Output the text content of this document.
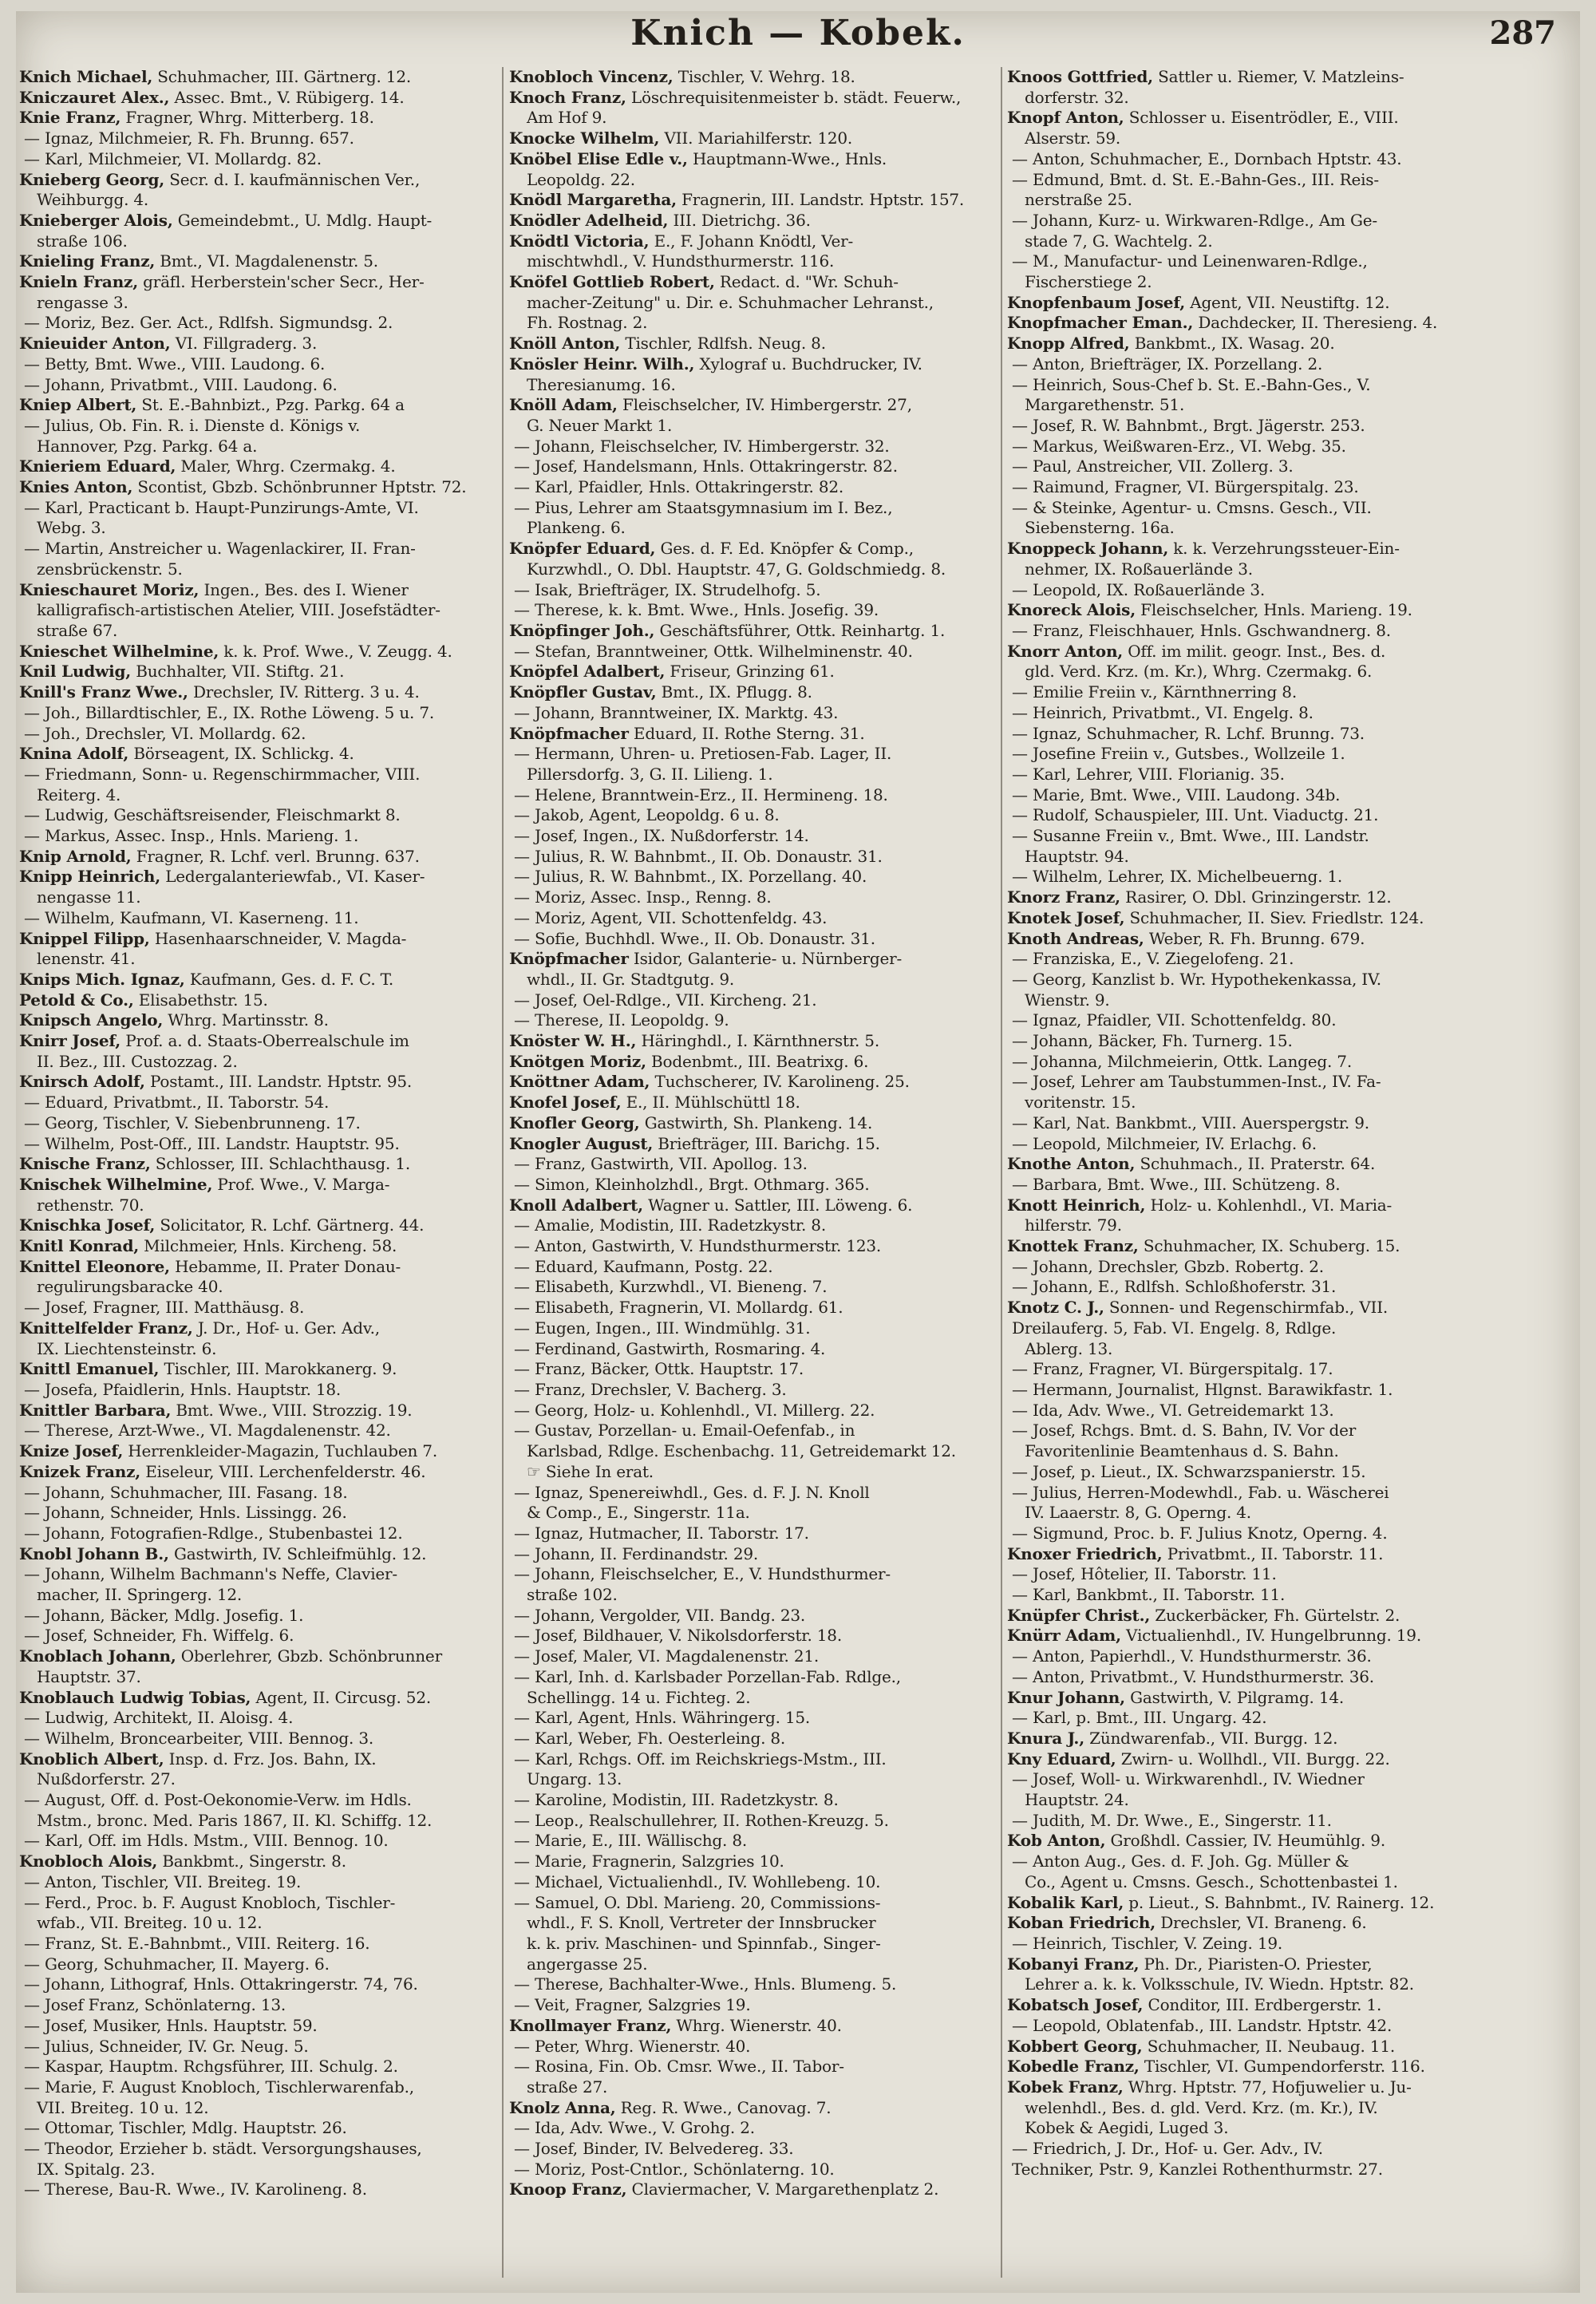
Knich — Kobek.	287
Knich Michael, Schuhmacher, III. Gärtnerg. 12.
Kniczauret Alex., Assec. Bmt., V. Rübigerg. 14.
Knie Franz, Fragner, Whrg. Mitterberg. 18.
— Ignaz, Milchmeier, R. Fh. Brunng. 657.
— Karl, Milchmeier, VI. Mollardg. 82.
Knieberg Georg, Secr. d. I. kaufmännischen Ver.,
Weihburgg. 4.
Knieberger Alois, Gemeindebmt., U. Mdlg. Haupt-
straße 106.
Knieling Franz, Bmt., VI. Magdalenenstr. 5.
Knieln Franz, gräfl. Herberstein'scher Secr., Her-
rengasse 3.
— Moriz, Bez. Ger. Act., Rdlfsh. Sigmundsg. 2.
Knieuider Anton, VI. Fillgraderg. 3.
— Betty, Bmt. Wwe., VIII. Laudong. 6.
— Johann, Privatbmt., VIII. Laudong. 6.
Kniep Albert, St. E.-Bahnbizt., Pzg. Parkg. 64 a
— Julius, Ob. Fin. R. i. Dienste d. Königs v.
Hannover, Pzg. Parkg. 64 a.
Knieriem Eduard, Maler, Whrg. Czermakg. 4.
Knies Anton, Scontist, Gbzb. Schönbrunner Hptstr. 72.
— Karl, Practicant b. Haupt-Punzirungs-Amte, VI.
Webg. 3.
— Martin, Anstreicher u. Wagenlackirer, II. Fran-
zensbrückenstr. 5.
Knieschauret Moriz, Ingen., Bes. des I. Wiener
kalligrafisch-artistischen Atelier, VIII. Josefstädter-
straße 67.
Knieschet Wilhelmine, k. k. Prof. Wwe., V. Zeugg. 4.
Knil Ludwig, Buchhalter, VII. Stiftg. 21.
Knill's Franz Wwe., Drechsler, IV. Ritterg. 3 u. 4.
— Joh., Billardtischler, E., IX. Rothe Löweng. 5 u. 7.
— Joh., Drechsler, VI. Mollardg. 62.
Knina Adolf, Börseagent, IX. Schlickg. 4.
— Friedmann, Sonn- u. Regenschirmmacher, VIII.
Reiterg. 4.
— Ludwig, Geschäftsreisender, Fleischmarkt 8.
— Markus, Assec. Insp., Hnls. Marieng. 1.
Knip Arnold, Fragner, R. Lchf. verl. Brunng. 637.
Knipp Heinrich, Ledergalanteriewfab., VI. Kaser-
nengasse 11.
— Wilhelm, Kaufmann, VI. Kaserneng. 11.
Knippel Filipp, Hasenhaarschneider, V. Magda-
lenenstr. 41.
Knips Mich. Ignaz, Kaufmann, Ges. d. F. C. T.
Petold & Co., Elisabethstr. 15.
Knipsch Angelo, Whrg. Martinsstr. 8.
Knirr Josef, Prof. a. d. Staats-Oberrealschule im
II. Bez., III. Custozzag. 2.
Knirsch Adolf, Postamt., III. Landstr. Hptstr. 95.
— Eduard, Privatbmt., II. Taborstr. 54.
— Georg, Tischler, V. Siebenbrunneng. 17.
— Wilhelm, Post-Off., III. Landstr. Hauptstr. 95.
Knische Franz, Schlosser, III. Schlachthausg. 1.
Knischek Wilhelmine, Prof. Wwe., V. Marga-
rethenstr. 70.
Knischka Josef, Solicitator, R. Lchf. Gärtnerg. 44.
Knitl Konrad, Milchmeier, Hnls. Kircheng. 58.
Knittel Eleonore, Hebamme, II. Prater Donau-
regulirungsbaracke 40.
— Josef, Fragner, III. Matthäusg. 8.
Knittelfelder Franz, J. Dr., Hof- u. Ger. Adv.,
IX. Liechtensteinstr. 6.
Knittl Emanuel, Tischler, III. Marokkanerg. 9.
— Josefa, Pfaidlerin, Hnls. Hauptstr. 18.
Knittler Barbara, Bmt. Wwe., VIII. Strozzig. 19.
— Therese, Arzt-Wwe., VI. Magdalenenstr. 42.
Knize Josef, Herrenkleider-Magazin, Tuchlauben 7.
Knizek Franz, Eiseleur, VIII. Lerchenfelderstr. 46.
— Johann, Schuhmacher, III. Fasang. 18.
— Johann, Schneider, Hnls. Lissingg. 26.
— Johann, Fotografien-Rdlge., Stubenbastei 12.
Knobl Johann B., Gastwirth, IV. Schleifmühlg. 12.
— Johann, Wilhelm Bachmann's Neffe, Clavier-
macher, II. Springerg. 12.
— Johann, Bäcker, Mdlg. Josefig. 1.
— Josef, Schneider, Fh. Wiffelg. 6.
Knoblach Johann, Oberlehrer, Gbzb. Schönbrunner
Hauptstr. 37.
Knoblauch Ludwig Tobias, Agent, II. Circusg. 52.
— Ludwig, Architekt, II. Aloisg. 4.
— Wilhelm, Broncearbeiter, VIII. Bennog. 3.
Knoblich Albert, Insp. d. Frz. Jos. Bahn, IX.
Nußdorferstr. 27.
— August, Off. d. Post-Oekonomie-Verw. im Hdls.
Mstm., bronc. Med. Paris 1867, II. Kl. Schiffg. 12.
— Karl, Off. im Hdls. Mstm., VIII. Bennog. 10.
Knobloch Alois, Bankbmt., Singerstr. 8.
— Anton, Tischler, VII. Breiteg. 19.
— Ferd., Proc. b. F. August Knobloch, Tischler-
wfab., VII. Breiteg. 10 u. 12.
— Franz, St. E.-Bahnbmt., VIII. Reiterg. 16.
— Georg, Schuhmacher, II. Mayerg. 6.
— Johann, Lithograf, Hnls. Ottakringerstr. 74, 76.
— Josef Franz, Schönlaterng. 13.
— Josef, Musiker, Hnls. Hauptstr. 59.
— Julius, Schneider, IV. Gr. Neug. 5.
— Kaspar, Hauptm. Rchgsführer, III. Schulg. 2.
— Marie, F. August Knobloch, Tischlerwarenfab.,
VII. Breiteg. 10 u. 12.
— Ottomar, Tischler, Mdlg. Hauptstr. 26.
— Theodor, Erzieher b. städt. Versorgungshauses,
IX. Spitalg. 23.
— Therese, Bau-R. Wwe., IV. Karolineng. 8.
Knobloch Vincenz, Tischler, V. Wehrg. 18.
Knoch Franz, Löschrequisitenmeister b. städt. Feuerw.,
Am Hof 9.
Knocke Wilhelm, VII. Mariahilferstr. 120.
Knöbel Elise Edle v., Hauptmann-Wwe., Hnls.
Leopoldg. 22.
Knödl Margaretha, Fragnerin, III. Landstr. Hptstr. 157.
Knödler Adelheid, III. Dietrichg. 36.
Knödtl Victoria, E., F. Johann Knödtl, Ver-
mischtwhdl., V. Hundsthurmerstr. 116.
Knöfel Gottlieb Robert, Redact. d. "Wr. Schuh-
macher-Zeitung" u. Dir. e. Schuhmacher Lehranst.,
Fh. Rostnag. 2.
Knöll Anton, Tischler, Rdlfsh. Neug. 8.
Knösler Heinr. Wilh., Xylograf u. Buchdrucker, IV.
Theresianumg. 16.
Knöll Adam, Fleischselcher, IV. Himbergerstr. 27,
G. Neuer Markt 1.
— Johann, Fleischselcher, IV. Himbergerstr. 32.
— Josef, Handelsmann, Hnls. Ottakringerstr. 82.
— Karl, Pfaidler, Hnls. Ottakringerstr. 82.
— Pius, Lehrer am Staatsgymnasium im I. Bez.,
Plankeng. 6.
Knöpfer Eduard, Ges. d. F. Ed. Knöpfer & Comp.,
Kurzwhdl., O. Dbl. Hauptstr. 47, G. Goldschmiedg. 8.
— Isak, Briefträger, IX. Strudelhofg. 5.
— Therese, k. k. Bmt. Wwe., Hnls. Josefig. 39.
Knöpfinger Joh., Geschäftsführer, Ottk. Reinhartg. 1.
— Stefan, Branntweiner, Ottk. Wilhelminenstr. 40.
Knöpfel Adalbert, Friseur, Grinzing 61.
Knöpfler Gustav, Bmt., IX. Pflugg. 8.
— Johann, Branntweiner, IX. Marktg. 43.
Knöpfmacher Eduard, II. Rothe Sterng. 31.
— Hermann, Uhren- u. Pretiosen-Fab. Lager, II.
Pillersdorfg. 3, G. II. Lilieng. 1.
— Helene, Branntwein-Erz., II. Hermineng. 18.
— Jakob, Agent, Leopoldg. 6 u. 8.
— Josef, Ingen., IX. Nußdorferstr. 14.
— Julius, R. W. Bahnbmt., II. Ob. Donaustr. 31.
— Julius, R. W. Bahnbmt., IX. Porzellang. 40.
— Moriz, Assec. Insp., Renng. 8.
— Moriz, Agent, VII. Schottenfeldg. 43.
— Sofie, Buchhdl. Wwe., II. Ob. Donaustr. 31.
Knöpfmacher Isidor, Galanterie- u. Nürnberger-
whdl., II. Gr. Stadtgutg. 9.
— Josef, Oel-Rdlge., VII. Kircheng. 21.
— Therese, II. Leopoldg. 9.
Knöster W. H., Häringhdl., I. Kärnthnerstr. 5.
Knötgen Moriz, Bodenbmt., III. Beatrixg. 6.
Knöttner Adam, Tuchscherer, IV. Karolineng. 25.
Knofel Josef, E., II. Mühlschüttl 18.
Knofler Georg, Gastwirth, Sh. Plankeng. 14.
Knogler August, Briefträger, III. Barichg. 15.
— Franz, Gastwirth, VII. Apollog. 13.
— Simon, Kleinholzhdl., Brgt. Othmarg. 365.
Knoll Adalbert, Wagner u. Sattler, III. Löweng. 6.
— Amalie, Modistin, III. Radetzkystr. 8.
— Anton, Gastwirth, V. Hundsthurmerstr. 123.
— Eduard, Kaufmann, Postg. 22.
— Elisabeth, Kurzwhdl., VI. Bieneng. 7.
— Elisabeth, Fragnerin, VI. Mollardg. 61.
— Eugen, Ingen., III. Windmühlg. 31.
— Ferdinand, Gastwirth, Rosmaring. 4.
— Franz, Bäcker, Ottk. Hauptstr. 17.
— Franz, Drechsler, V. Bacherg. 3.
— Georg, Holz- u. Kohlenhdl., VI. Millerg. 22.
— Gustav, Porzellan- u. Email-Oefenfab., in
Karlsbad, Rdlge. Eschenbachg. 11, Getreidemarkt 12.
☞ Siehe In erat.
— Ignaz, Spenereiwhdl., Ges. d. F. J. N. Knoll
& Comp., E., Singerstr. 11a.
— Ignaz, Hutmacher, II. Taborstr. 17.
— Johann, II. Ferdinandstr. 29.
— Johann, Fleischselcher, E., V. Hundsthurmer-
straße 102.
— Johann, Vergolder, VII. Bandg. 23.
— Josef, Bildhauer, V. Nikolsdorferstr. 18.
— Josef, Maler, VI. Magdalenenstr. 21.
— Karl, Inh. d. Karlsbader Porzellan-Fab. Rdlge.,
Schellingg. 14 u. Fichteg. 2.
— Karl, Agent, Hnls. Währingerg. 15.
— Karl, Weber, Fh. Oesterleing. 8.
— Karl, Rchgs. Off. im Reichskriegs-Mstm., III.
Ungarg. 13.
— Karoline, Modistin, III. Radetzkystr. 8.
— Leop., Realschullehrer, II. Rothen-Kreuzg. 5.
— Marie, E., III. Wällischg. 8.
— Marie, Fragnerin, Salzgries 10.
— Michael, Victualienhdl., IV. Wohllebeng. 10.
— Samuel, O. Dbl. Marieng. 20, Commissions-
whdl., F. S. Knoll, Vertreter der Innsbrucker
k. k. priv. Maschinen- und Spinnfab., Singer-
angergasse 25.
— Therese, Bachhalter-Wwe., Hnls. Blumeng. 5.
— Veit, Fragner, Salzgries 19.
Knollmayer Franz, Whrg. Wienerstr. 40.
— Peter, Whrg. Wienerstr. 40.
— Rosina, Fin. Ob. Cmsr. Wwe., II. Tabor-
straße 27.
Knolz Anna, Reg. R. Wwe., Canovag. 7.
— Ida, Adv. Wwe., V. Grohg. 2.
— Josef, Binder, IV. Belvedereg. 33.
— Moriz, Post-Cntlor., Schönlaterng. 10.
Knoop Franz, Claviermacher, V. Margarethenplatz 2.
Knoos Gottfried, Sattler u. Riemer, V. Matzleins-
dorferstr. 32.
Knopf Anton, Schlosser u. Eisentrödler, E., VIII.
Alserstr. 59.
— Anton, Schuhmacher, E., Dornbach Hptstr. 43.
— Edmund, Bmt. d. St. E.-Bahn-Ges., III. Reis-
nerstraße 25.
— Johann, Kurz- u. Wirkwaren-Rdlge., Am Ge-
stade 7, G. Wachtelg. 2.
— M., Manufactur- und Leinenwaren-Rdlge.,
Fischerstiege 2.
Knopfenbaum Josef, Agent, VII. Neustiftg. 12.
Knopfmacher Eman., Dachdecker, II. Theresieng. 4.
Knopp Alfred, Bankbmt., IX. Wasag. 20.
— Anton, Briefträger, IX. Porzellang. 2.
— Heinrich, Sous-Chef b. St. E.-Bahn-Ges., V.
Margarethenstr. 51.
— Josef, R. W. Bahnbmt., Brgt. Jägerstr. 253.
— Markus, Weißwaren-Erz., VI. Webg. 35.
— Paul, Anstreicher, VII. Zollerg. 3.
— Raimund, Fragner, VI. Bürgerspitalg. 23.
— & Steinke, Agentur- u. Cmsns. Gesch., VII.
Siebensterng. 16a.
Knoppeck Johann, k. k. Verzehrungssteuer-Ein-
nehmer, IX. Roßauerlände 3.
— Leopold, IX. Roßauerlände 3.
Knoreck Alois, Fleischselcher, Hnls. Marieng. 19.
— Franz, Fleischhauer, Hnls. Gschwandnerg. 8.
Knorr Anton, Off. im milit. geogr. Inst., Bes. d.
gld. Verd. Krz. (m. Kr.), Whrg. Czermakg. 6.
— Emilie Freiin v., Kärnthnerring 8.
— Heinrich, Privatbmt., VI. Engelg. 8.
— Ignaz, Schuhmacher, R. Lchf. Brunng. 73.
— Josefine Freiin v., Gutsbes., Wollzeile 1.
— Karl, Lehrer, VIII. Florianig. 35.
— Marie, Bmt. Wwe., VIII. Laudong. 34b.
— Rudolf, Schauspieler, III. Unt. Viaductg. 21.
— Susanne Freiin v., Bmt. Wwe., III. Landstr.
Hauptstr. 94.
— Wilhelm, Lehrer, IX. Michelbeuerng. 1.
Knorz Franz, Rasirer, O. Dbl. Grinzingerstr. 12.
Knotek Josef, Schuhmacher, II. Siev. Friedlstr. 124.
Knoth Andreas, Weber, R. Fh. Brunng. 679.
— Franziska, E., V. Ziegelofeng. 21.
— Georg, Kanzlist b. Wr. Hypothekenkassa, IV.
Wienstr. 9.
— Ignaz, Pfaidler, VII. Schottenfeldg. 80.
— Johann, Bäcker, Fh. Turnerg. 15.
— Johanna, Milchmeierin, Ottk. Langeg. 7.
— Josef, Lehrer am Taubstummen-Inst., IV. Fa-
voritenstr. 15.
— Karl, Nat. Bankbmt., VIII. Auerspergstr. 9.
— Leopold, Milchmeier, IV. Erlachg. 6.
Knothe Anton, Schuhmach., II. Praterstr. 64.
— Barbara, Bmt. Wwe., III. Schützeng. 8.
Knott Heinrich, Holz- u. Kohlenhdl., VI. Maria-
hilferstr. 79.
Knottek Franz, Schuhmacher, IX. Schuberg. 15.
— Johann, Drechsler, Gbzb. Robertg. 2.
— Johann, E., Rdlfsh. Schloßhoferstr. 31.
Knotz C. J., Sonnen- und Regenschirmfab., VII.
Dreilauferg. 5, Fab. VI. Engelg. 8, Rdlge.
Ablerg. 13.
— Franz, Fragner, VI. Bürgerspitalg. 17.
— Hermann, Journalist, Hlgnst. Barawikfastr. 1.
— Ida, Adv. Wwe., VI. Getreidemarkt 13.
— Josef, Rchgs. Bmt. d. S. Bahn, IV. Vor der
Favoritenlinie Beamtenhaus d. S. Bahn.
— Josef, p. Lieut., IX. Schwarzspanierstr. 15.
— Julius, Herren-Modewhdl., Fab. u. Wäscherei
IV. Laaerstr. 8, G. Operng. 4.
— Sigmund, Proc. b. F. Julius Knotz, Operng. 4.
Knoxer Friedrich, Privatbmt., II. Taborstr. 11.
— Josef, Hôtelier, II. Taborstr. 11.
— Karl, Bankbmt., II. Taborstr. 11.
Knüpfer Christ., Zuckerbäcker, Fh. Gürtelstr. 2.
Knürr Adam, Victualienhdl., IV. Hungelbrunng. 19.
— Anton, Papierhdl., V. Hundsthurmerstr. 36.
— Anton, Privatbmt., V. Hundsthurmerstr. 36.
Knur Johann, Gastwirth, V. Pilgramg. 14.
— Karl, p. Bmt., III. Ungarg. 42.
Knura J., Zündwarenfab., VII. Burgg. 12.
Kny Eduard, Zwirn- u. Wollhdl., VII. Burgg. 22.
— Josef, Woll- u. Wirkwarenhdl., IV. Wiedner
Hauptstr. 24.
— Judith, M. Dr. Wwe., E., Singerstr. 11.
Kob Anton, Großhdl. Cassier, IV. Heumühlg. 9.
— Anton Aug., Ges. d. F. Joh. Gg. Müller &
Co., Agent u. Cmsns. Gesch., Schottenbastei 1.
Kobalik Karl, p. Lieut., S. Bahnbmt., IV. Rainerg. 12.
Koban Friedrich, Drechsler, VI. Braneng. 6.
— Heinrich, Tischler, V. Zeing. 19.
Kobanyi Franz, Ph. Dr., Piaristen-O. Priester,
Lehrer a. k. k. Volksschule, IV. Wiedn. Hptstr. 82.
Kobatsch Josef, Conditor, III. Erdbergerstr. 1.
— Leopold, Oblatenfab., III. Landstr. Hptstr. 42.
Kobbert Georg, Schuhmacher, II. Neubaug. 11.
Kobedle Franz, Tischler, VI. Gumpendorferstr. 116.
Kobek Franz, Whrg. Hptstr. 77, Hofjuwelier u. Ju-
welenhdl., Bes. d. gld. Verd. Krz. (m. Kr.), IV.
Kobek & Aegidi, Luged 3.
— Friedrich, J. Dr., Hof- u. Ger. Adv., IV.
Techniker, Pstr. 9, Kanzlei Rothenthurmstr. 27.
